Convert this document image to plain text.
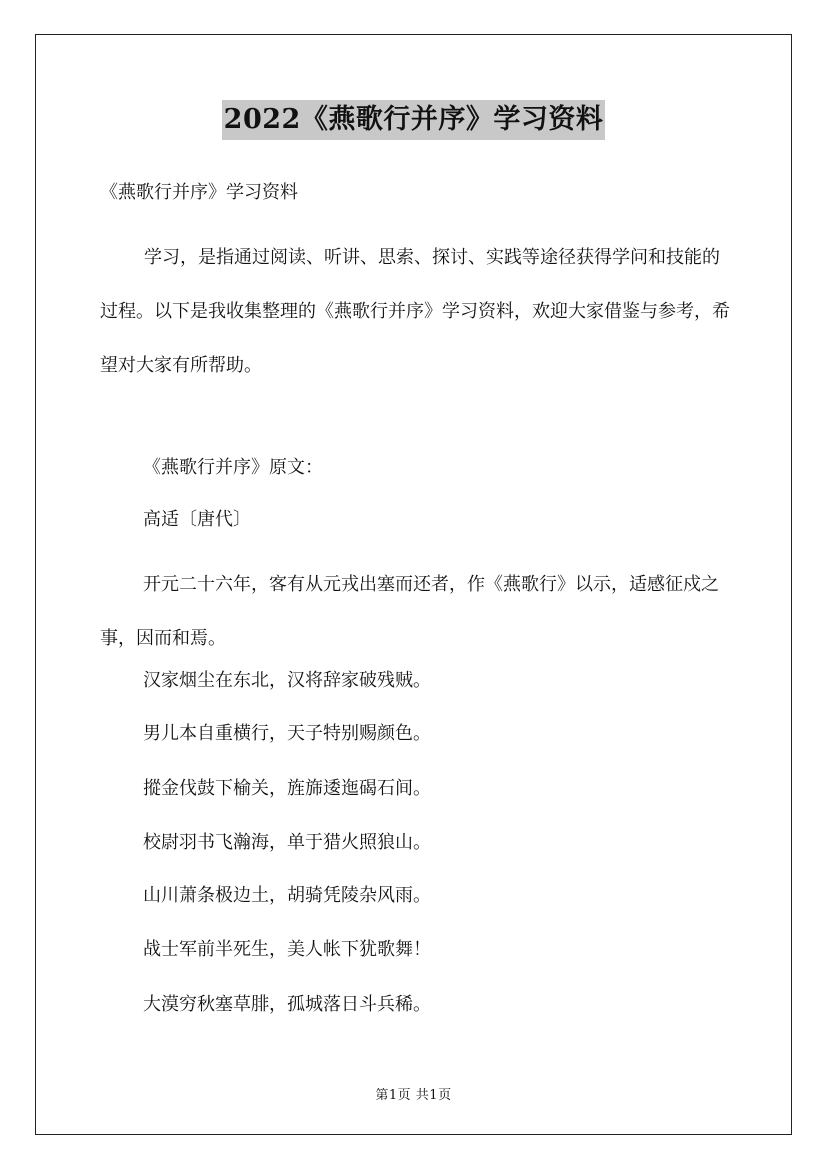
2022《燕歌行并序》学习资料
《燕歌行并序》学习资料
学习，是指通过阅读、听讲、思索、探讨、实践等途径获得学问和技能的过程。以下是我收集整理的《燕歌行并序》学习资料，欢迎大家借鉴与参考，希望对大家有所帮助。
《燕歌行并序》原文：
高适〔唐代〕
开元二十六年，客有从元戎出塞而还者，作《燕歌行》以示，适感征戍之事，因而和焉。
汉家烟尘在东北，汉将辞家破残贼。
男儿本自重横行，天子特别赐颜色。
摐金伐鼓下榆关，旌旆逶迤碣石间。
校尉羽书飞瀚海，单于猎火照狼山。
山川萧条极边土，胡骑凭陵杂风雨。
战士军前半死生，美人帐下犹歌舞！
大漠穷秋塞草腓，孤城落日斗兵稀。
第1页 共1页
